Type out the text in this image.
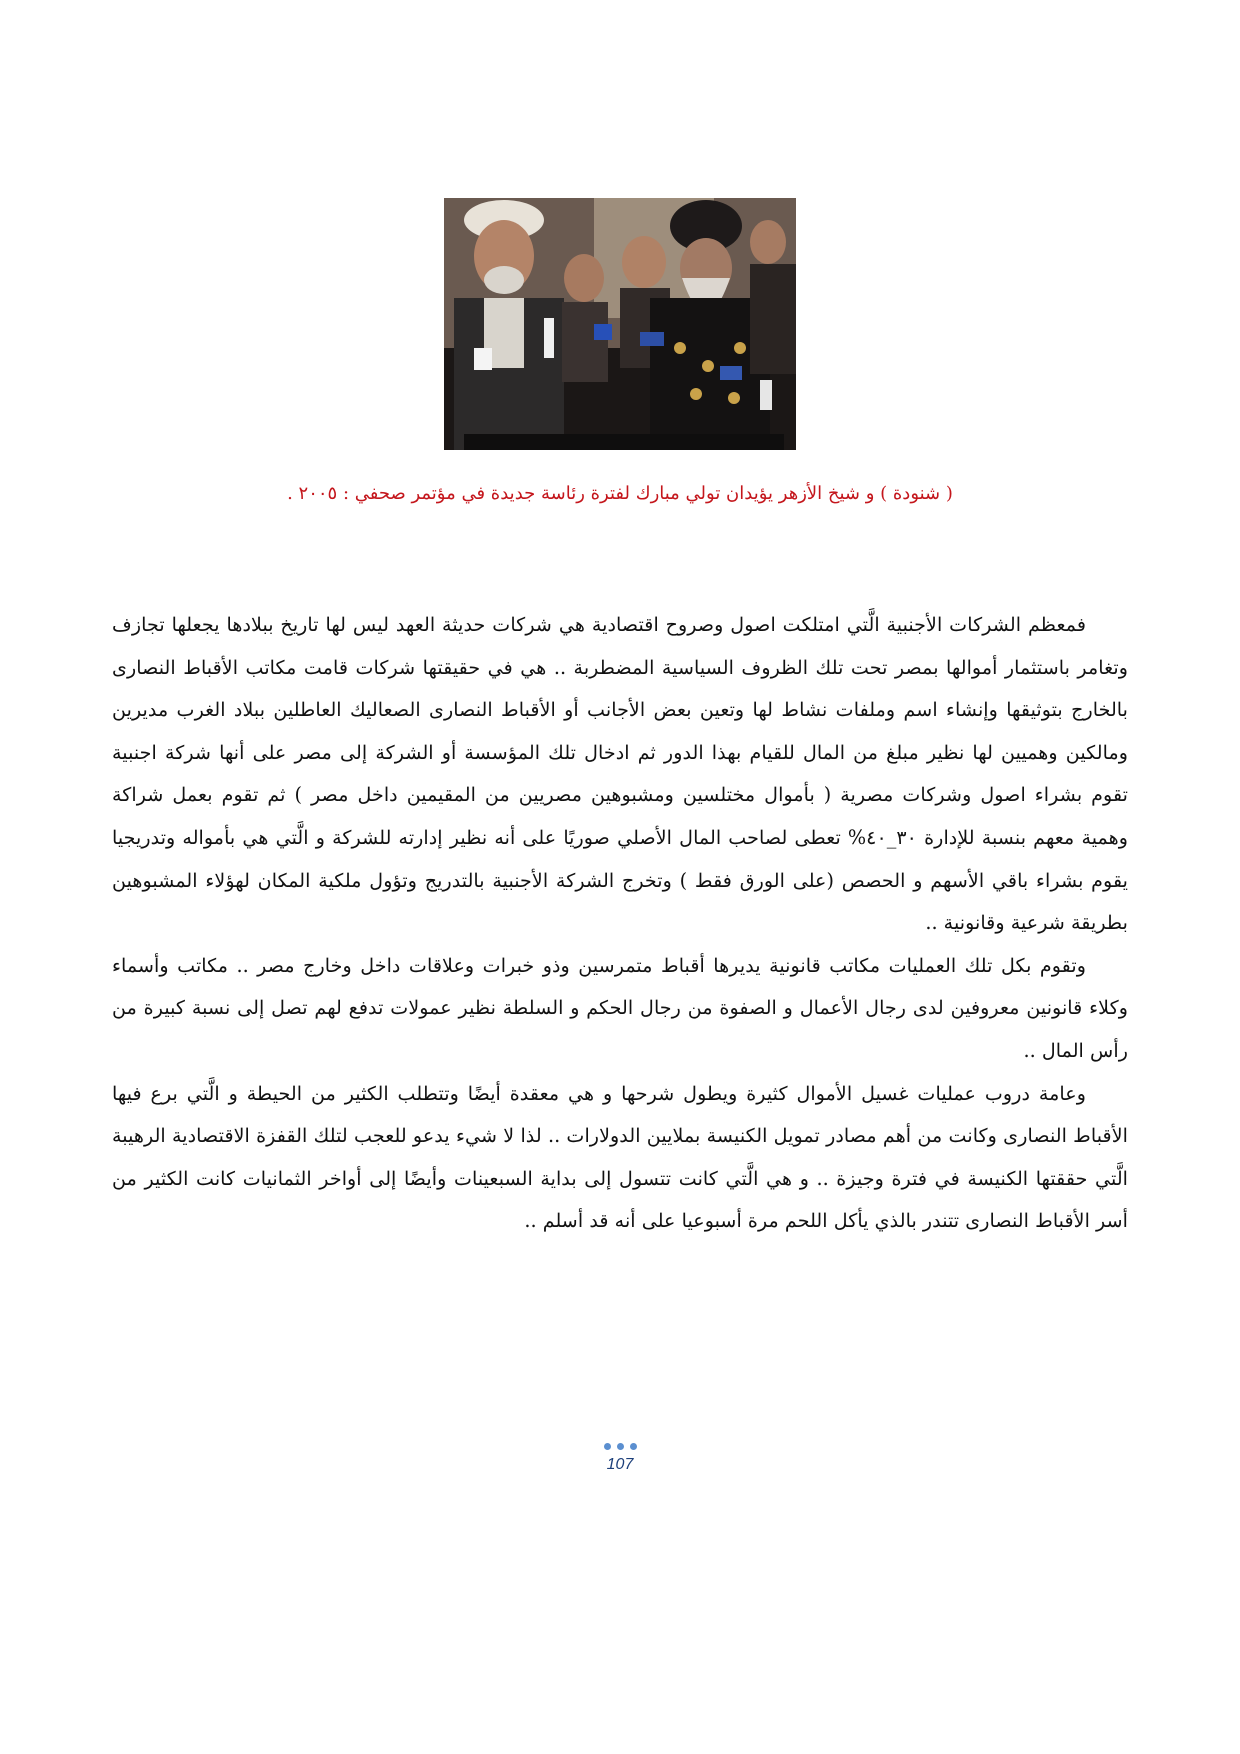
( شنودة ) و شيخ الأزهر يؤيدان تولي مبارك لفترة رئاسة جديدة في مؤتمر صحفي : ٢٠٠٥ .

فمعظم الشركات الأجنبية الَّتي امتلكت اصول وصروح اقتصادية هي شركات حديثة العهد ليس لها تاريخ ببلادها يجعلها تجازف وتغامر باستثمار أموالها بمصر تحت تلك الظروف السياسية المضطربة .. هي في حقيقتها شركات قامت مكاتب الأقباط النصارى بالخارج بتوثيقها وإنشاء اسم وملفات نشاط لها وتعين بعض الأجانب أو الأقباط النصارى الصعاليك العاطلين ببلاد الغرب مديرين ومالكين وهميين لها نظير مبلغ من المال للقيام بهذا الدور ثم ادخال تلك المؤسسة أو الشركة إلى مصر على أنها شركة اجنبية تقوم بشراء اصول وشركات مصرية ( بأموال مختلسين ومشبوهين مصريين من المقيمين داخل مصر ) ثم تقوم بعمل شراكة وهمية معهم بنسبة للإدارة ٣٠_٤٠% تعطى لصاحب المال الأصلي صوريًا على أنه نظير إدارته للشركة و الَّتي هي بأمواله وتدريجيا يقوم بشراء باقي الأسهم و الحصص (على الورق فقط ) وتخرج الشركة الأجنبية بالتدريج وتؤول ملكية المكان لهؤلاء المشبوهين بطريقة شرعية وقانونية ..

وتقوم بكل تلك العمليات مكاتب قانونية يديرها أقباط متمرسين وذو خبرات وعلاقات داخل وخارج مصر .. مكاتب وأسماء وكلاء قانونين معروفين لدى رجال الأعمال و الصفوة من رجال الحكم و السلطة نظير عمولات تدفع لهم تصل إلى نسبة كبيرة من رأس المال ..

وعامة دروب عمليات غسيل الأموال كثيرة ويطول شرحها و هي معقدة أيضًا وتتطلب الكثير من الحيطة و الَّتي برع فيها الأقباط النصارى وكانت من أهم مصادر تمويل الكنيسة بملايين الدولارات .. لذا لا شيء يدعو للعجب لتلك القفزة الاقتصادية الرهيبة الَّتي حققتها الكنيسة في فترة وجيزة .. و هي الَّتي كانت تتسول إلى بداية السبعينات وأيضًا إلى أواخر الثمانيات كانت الكثير من أسر الأقباط النصارى تتندر بالذي يأكل اللحم مرة أسبوعيا على أنه قد أسلم ..

107
